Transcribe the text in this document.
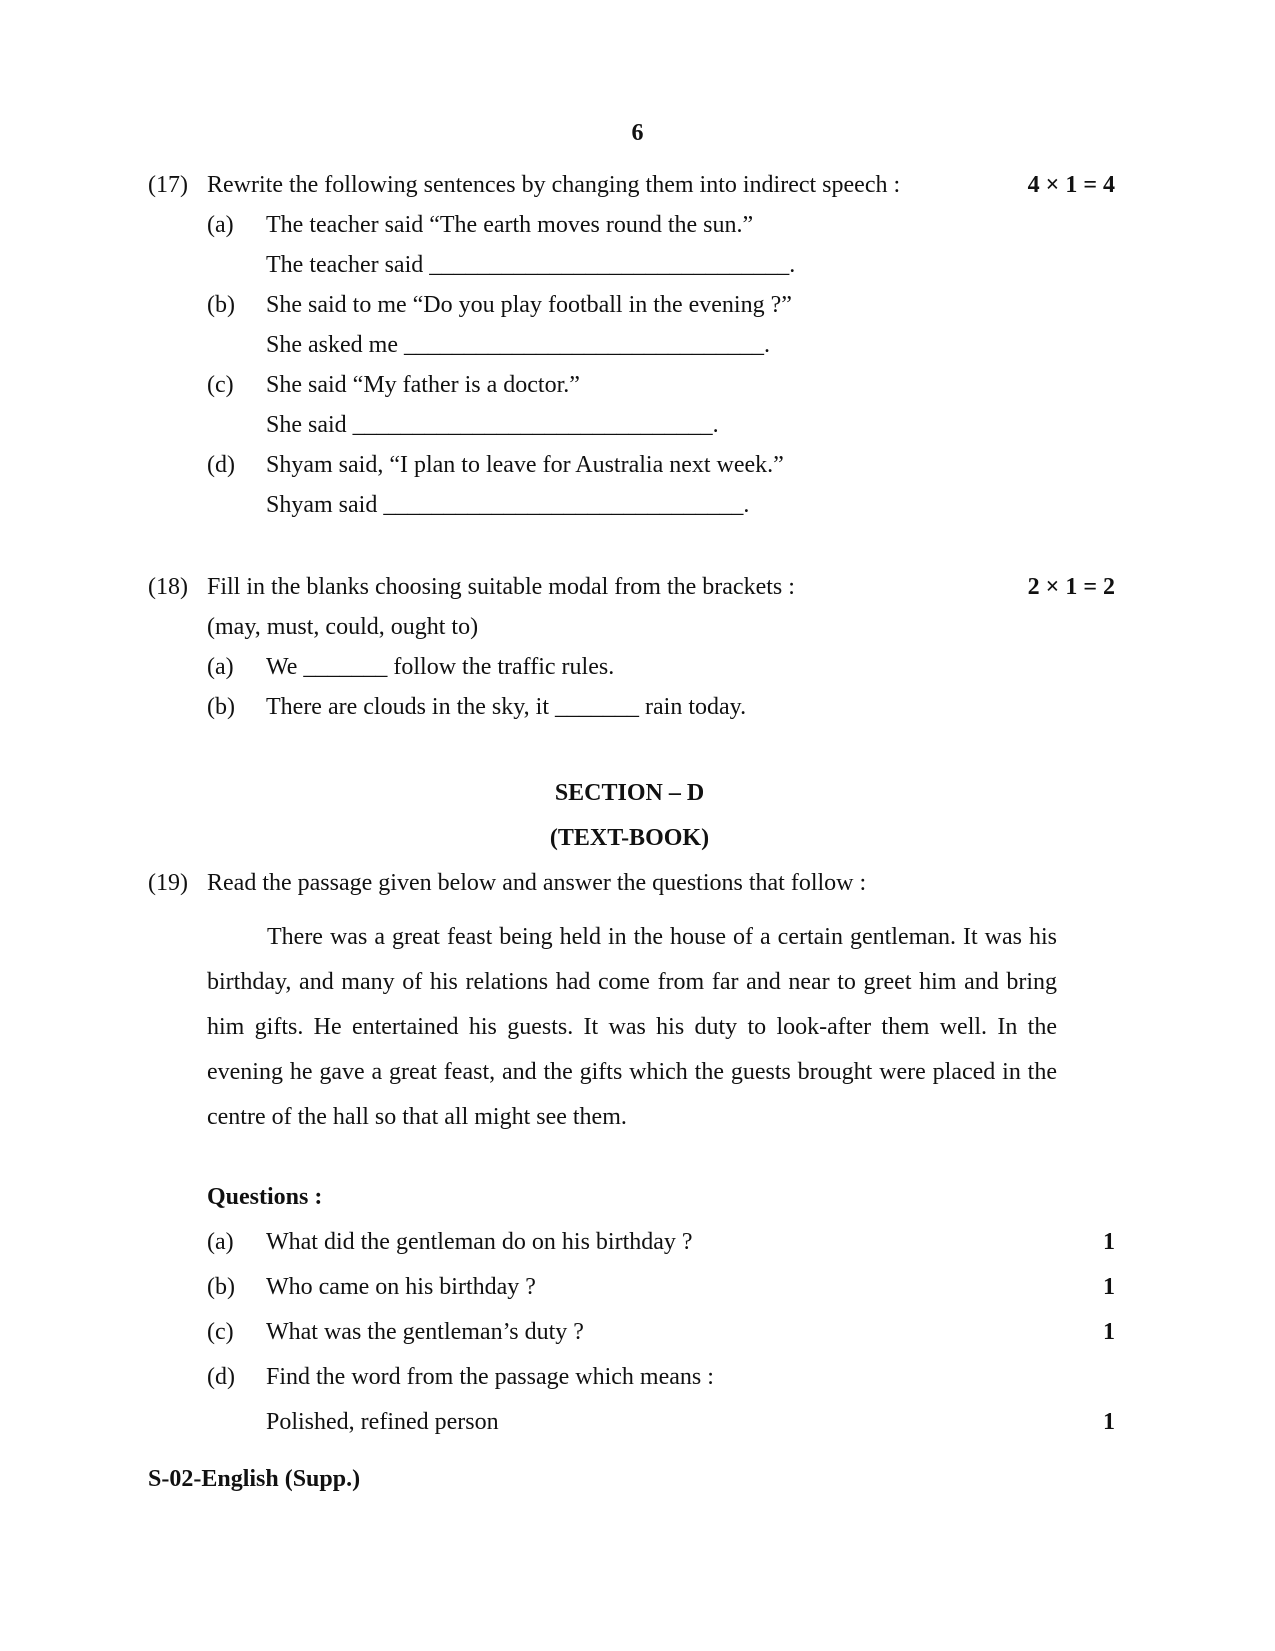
6
(17) Rewrite the following sentences by changing them into indirect speech :	4 × 1 = 4
(a) The teacher said “The earth moves round the sun.”
The teacher said ______________________________.
(b) She said to me “Do you play football in the evening ?”
She asked me ______________________________.
(c) She said “My father is a doctor.”
She said ______________________________.
(d) Shyam said, “I plan to leave for Australia next week.”
Shyam said ______________________________.
(18) Fill in the blanks choosing suitable modal from the brackets :	2 × 1 = 2
(may, must, could, ought to)
(a) We _______ follow the traffic rules.
(b) There are clouds in the sky, it _______ rain today.
SECTION – D
(TEXT-BOOK)
(19) Read the passage given below and answer the questions that follow :
There was a great feast being held in the house of a certain gentleman. It was his birthday, and many of his relations had come from far and near to greet him and bring him gifts. He entertained his guests. It was his duty to look-after them well. In the evening he gave a great feast, and the gifts which the guests brought were placed in the centre of the hall so that all might see them.
Questions :
(a) What did the gentleman do on his birthday ?	1
(b) Who came on his birthday ?	1
(c) What was the gentleman’s duty ?	1
(d) Find the word from the passage which means :
Polished, refined person	1
S-02-English (Supp.)
